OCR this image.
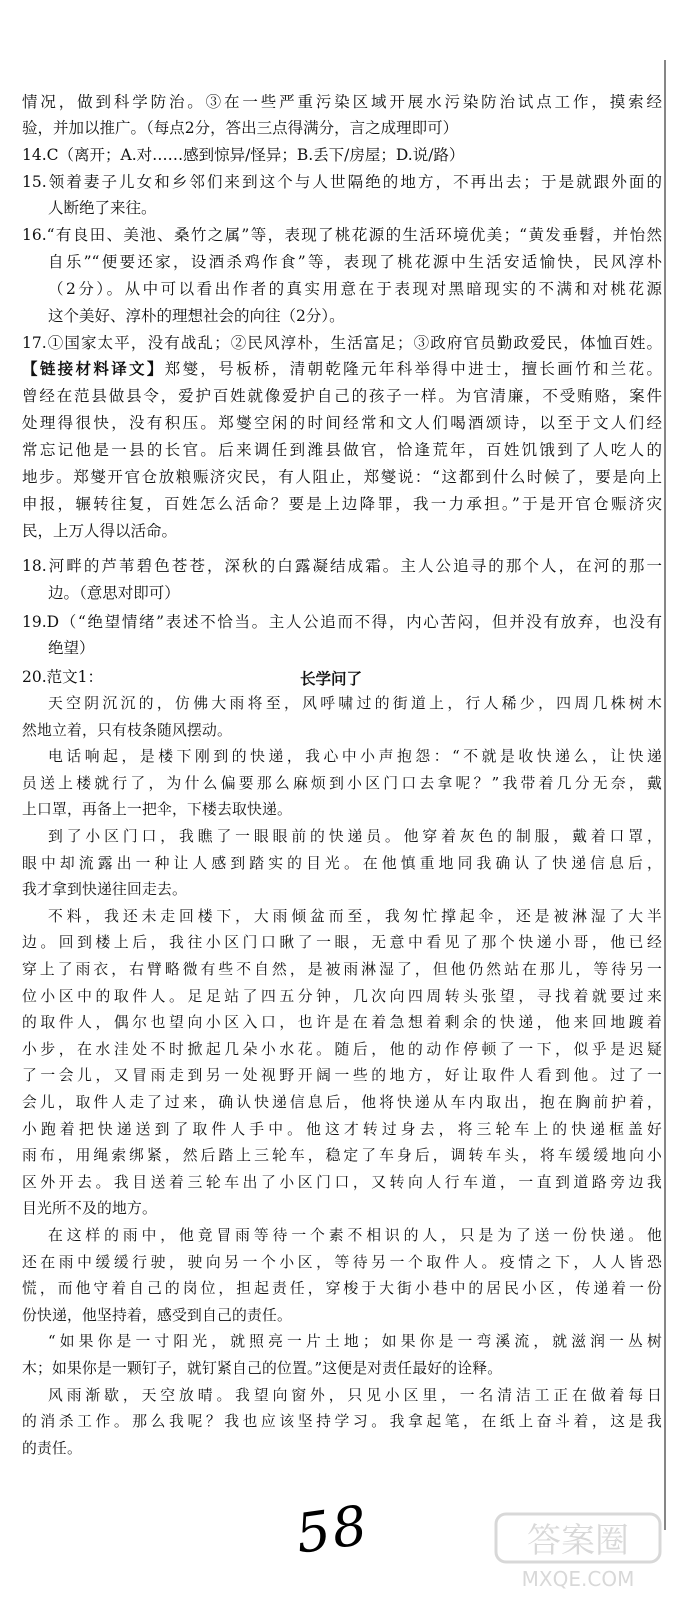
情况，做到科学防治。③在一些严重污染区域开展水污染防治试点工作，摸索经
验，并加以推广。（每点2分，答出三点得满分，言之成理即可）
14.C（离开；A.对……感到惊异/怪异；B.丢下/房屋；D.说/路）
15.领着妻子儿女和乡邻们来到这个与人世隔绝的地方，不再出去；于是就跟外面的
人断绝了来往。
16.“有良田、美池、桑竹之属”等，表现了桃花源的生活环境优美；“黄发垂髫，并怡然
自乐”“便要还家，设酒杀鸡作食”等，表现了桃花源中生活安适愉快，民风淳朴
（2分）。从中可以看出作者的真实用意在于表现对黑暗现实的不满和对桃花源
这个美好、淳朴的理想社会的向往（2分）。
17.①国家太平，没有战乱；②民风淳朴，生活富足；③政府官员勤政爱民，体恤百姓。
【链接材料译文】郑燮，号板桥，清朝乾隆元年科举得中进士，擅长画竹和兰花。
曾经在范县做县令，爱护百姓就像爱护自己的孩子一样。为官清廉，不受贿赂，案件
处理得很快，没有积压。郑燮空闲的时间经常和文人们喝酒颂诗，以至于文人们经
常忘记他是一县的长官。后来调任到潍县做官，恰逢荒年，百姓饥饿到了人吃人的
地步。郑燮开官仓放粮赈济灾民，有人阻止，郑燮说：“这都到什么时候了，要是向上
申报，辗转往复，百姓怎么活命？要是上边降罪，我一力承担。”于是开官仓赈济灾
民，上万人得以活命。
18.河畔的芦苇碧色苍苍，深秋的白露凝结成霜。主人公追寻的那个人，在河的那一
边。（意思对即可）
19.D（“绝望情绪”表述不恰当。主人公追而不得，内心苦闷，但并没有放弃，也没有
绝望）
20.范文1：	长学问了
天空阴沉沉的，仿佛大雨将至，风呼啸过的街道上，行人稀少，四周几株树木
然地立着，只有枝条随风摆动。
电话响起，是楼下刚到的快递，我心中小声抱怨：“不就是收快递么，让快递
员送上楼就行了，为什么偏要那么麻烦到小区门口去拿呢？”我带着几分无奈，戴
上口罩，再备上一把伞，下楼去取快递。
到了小区门口，我瞧了一眼眼前的快递员。他穿着灰色的制服，戴着口罩，
眼中却流露出一种让人感到踏实的目光。在他慎重地同我确认了快递信息后，
我才拿到快递往回走去。
不料，我还未走回楼下，大雨倾盆而至，我匆忙撑起伞，还是被淋湿了大半
边。回到楼上后，我往小区门口瞅了一眼，无意中看见了那个快递小哥，他已经
穿上了雨衣，右臂略微有些不自然，是被雨淋湿了，但他仍然站在那儿，等待另一
位小区中的取件人。足足站了四五分钟，几次向四周转头张望，寻找着就要过来
的取件人，偶尔也望向小区入口，也许是在着急想着剩余的快递，他来回地踱着
小步，在水洼处不时掀起几朵小水花。随后，他的动作停顿了一下，似乎是迟疑
了一会儿，又冒雨走到另一处视野开阔一些的地方，好让取件人看到他。过了一
会儿，取件人走了过来，确认快递信息后，他将快递从车内取出，抱在胸前护着，
小跑着把快递送到了取件人手中。他这才转过身去，将三轮车上的快递框盖好
雨布，用绳索绑紧，然后踏上三轮车，稳定了车身后，调转车头，将车缓缓地向小
区外开去。我目送着三轮车出了小区门口，又转向人行车道，一直到道路旁边我
目光所不及的地方。
在这样的雨中，他竟冒雨等待一个素不相识的人，只是为了送一份快递。他
还在雨中缓缓行驶，驶向另一个小区，等待另一个取件人。疫情之下，人人皆恐
慌，而他守着自己的岗位，担起责任，穿梭于大街小巷中的居民小区，传递着一份
份快递，他坚持着，感受到自己的责任。
“如果你是一寸阳光，就照亮一片土地；如果你是一弯溪流，就滋润一丛树
木；如果你是一颗钉子，就钉紧自己的位置。”这便是对责任最好的诠释。
风雨渐歇，天空放晴。我望向窗外，只见小区里，一名清洁工正在做着每日
的消杀工作。那么我呢？我也应该坚持学习。我拿起笔，在纸上奋斗着，这是我
的责任。
58	答案圈
MXQE.COM
